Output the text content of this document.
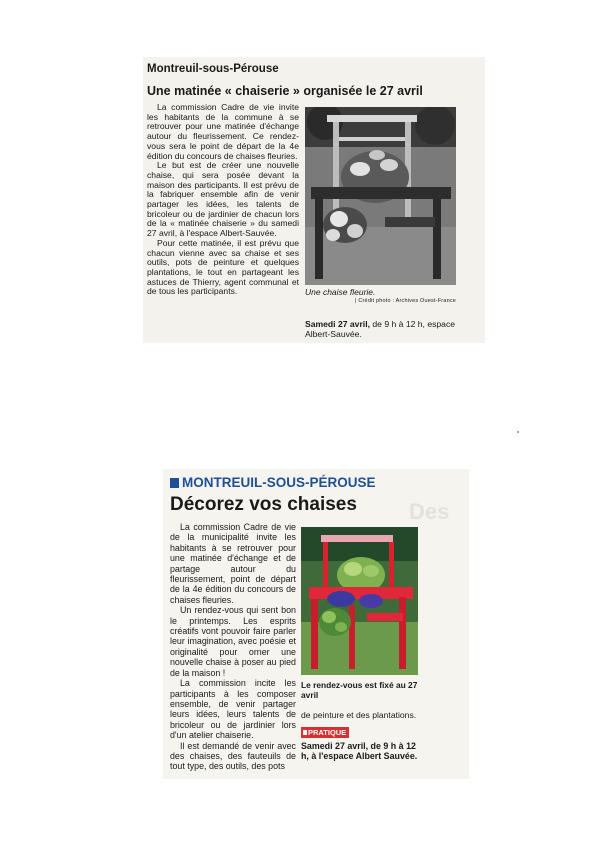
Montreuil-sous-Pérouse
Une matinée « chaiserie » organisée le 27 avril

La commission Cadre de vie invite les habitants de la commune à se retrouver pour une matinée d'échange autour du fleurissement. Ce rendez-vous sera le point de départ de la 4e édition du concours de chaises fleuries.

Le but est de créer une nouvelle chaise, qui sera posée devant la maison des participants. Il est prévu de la fabriquer ensemble afin de venir partager les idées, les talents de bricoleur ou de jardinier de chacun lors de la « matinée chaiserie » du samedi 27 avril, à l'espace Albert-Sauvée.

Pour cette matinée, il est prévu que chacun vienne avec sa chaise et ses outils, pots de peinture et quelques plantations, le tout en partageant les astuces de Thierry, agent communal et de tous les participants.	Une chaise fleurie.
| Crédit photo : Archives Ouest-France
Samedi 27 avril, de 9 h à 12 h, espace Albert-Sauvée.
Des
MONTREUIL-SOUS-PÉROUSE
Décorez vos chaises

La commission Cadre de vie de la municipalité invite les habitants à se retrouver pour une matinée d'échange et de partage autour du fleurissement, point de départ de la 4e édition du concours de chaises fleuries.

Un rendez-vous qui sent bon le printemps. Les esprits créatifs vont pouvoir faire parler leur imagination, avec poésie et originalité pour orner une nouvelle chaise à poser au pied de la maison !

La commission incite les participants à les composer ensemble, de venir partager leurs idées, leurs talents de bricoleur ou de jardinier lors d'un atelier chaiserie.

Il est demandé de venir avec des chaises, des fauteuils de tout type, des outils, des pots

Le rendez-vous est fixé au 27 avril
de peinture et des plantations.
PRATIQUE
Samedi 27 avril, de 9 h à 12 h, à l'espace Albert Sauvée.
